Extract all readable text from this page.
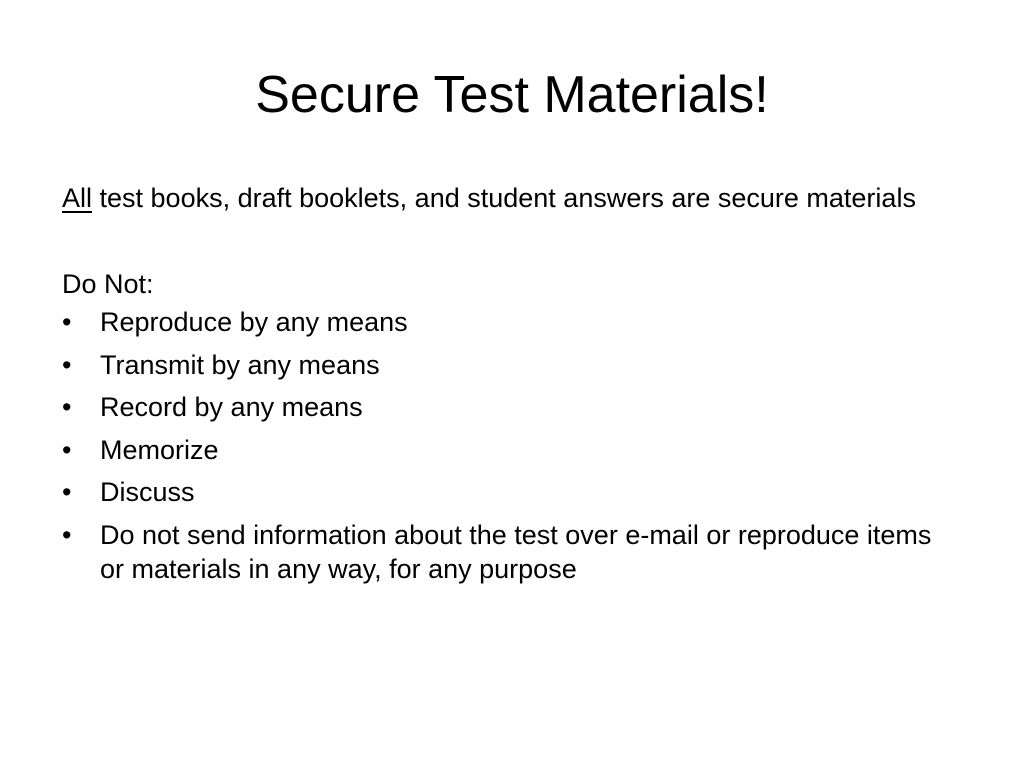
Secure Test Materials!

All test books, draft booklets, and student answers are secure materials

Do Not:

•	Reproduce by any means
•	Transmit by any means
•	Record by any means
•	Memorize
•	Discuss
•	Do not send information about the test over e-mail or reproduce items or materials in any way, for any purpose
